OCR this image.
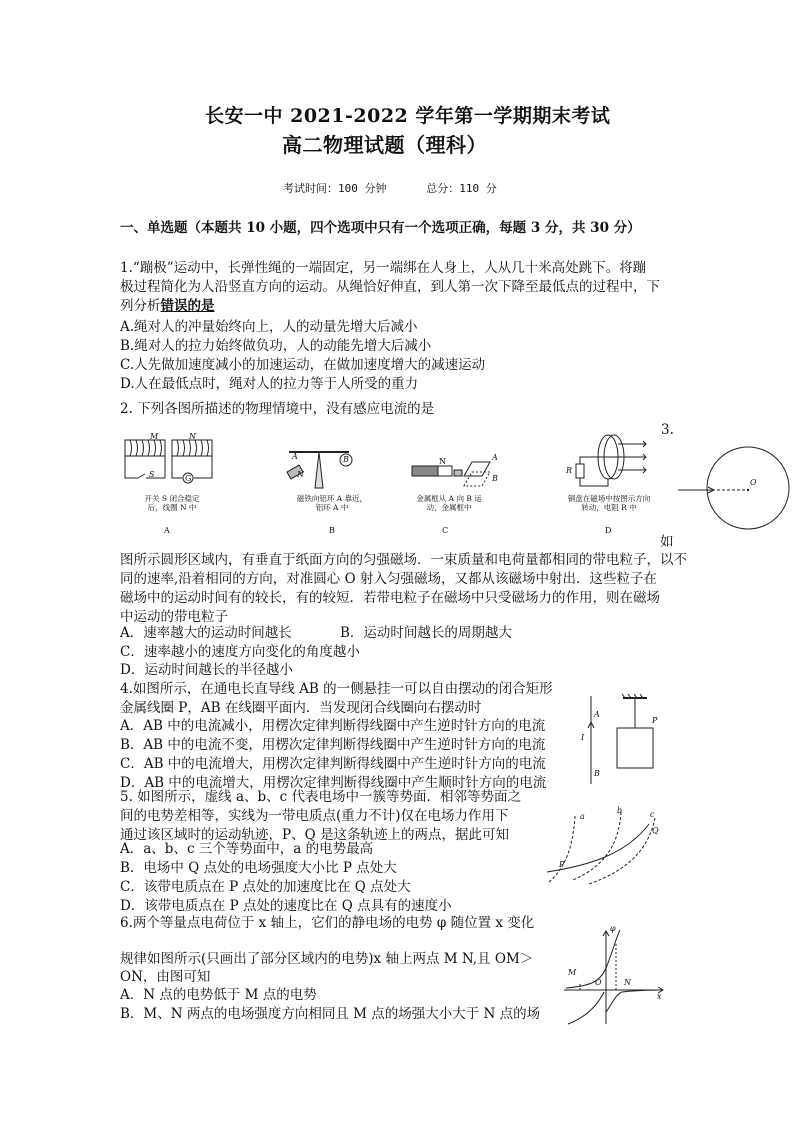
长安一中 2021-2022 学年第一学期期末考试
高二物理试题（理科）
考试时间：100 分钟      总分：110 分
一、单选题（本题共 10 小题，四个选项中只有一个选项正确，每题 3 分，共 30 分）
1.“蹦极”运动中，长弹性绳的一端固定，另一端绑在人身上，人从几十米高处跳下。将蹦
极过程简化为人沿竖直方向的运动。从绳恰好伸直，到人第一次下降至最低点的过程中，下
列分析错误的是
A.绳对人的冲量始终向上，人的动量先增大后减小
B.绳对人的拉力始终做负功，人的动能先增大后减小
C.人先做加速度减小的加速运动，在做加速度增大的减速运动
D.人在最低点时，绳对人的拉力等于人所受的重力
2. 下列各图所描述的物理情境中，没有感应电流的是
M	N
S	G
开关 S 闭合稳定后，线圈 N 中
A
A
N
B
磁铁向铝环 A 靠近，铝环 A 中
B
N	A
B
金属框从 A 向 B 运动，金属框中
C
R
铜盘在磁场中按图示方向转动，电阻 R 中
D
3.
O
如
图所示圆形区域内，有垂直于纸面方向的匀强磁场．一束质量和电荷量都相同的带电粒子，以不
同的速率,沿着相同的方向，对准圆心 O 射入匀强磁场，又都从该磁场中射出．这些粒子在
磁场中的运动时间有的较长，有的较短．若带电粒子在磁场中只受磁场力的作用，则在磁场
中运动的带电粒子
A．速率越大的运动时间越长	B．运动时间越长的周期越大
C．速率越小的速度方向变化的角度越小
D．运动时间越长的半径越小
4.如图所示，在通电长直导线 AB 的一侧悬挂一可以自由摆动的闭合矩形
金属线圈 P，AB 在线圈平面内．当发现闭合线圈向右摆动时
A．AB 中的电流减小，用楞次定律判断得线圈中产生逆时针方向的电流
B．AB 中的电流不变，用楞次定律判断得线圈中产生逆时针方向的电流
C．AB 中的电流增大，用楞次定律判断得线圈中产生逆时针方向的电流
D．AB 中的电流增大，用楞次定律判断得线圈中产生顺时针方向的电流
A
I
P
B
5. 如图所示，虚线 a、b、c 代表电场中一簇等势面．相邻等势面之
间的电势差相等，实线为一带电质点(重力不计)仅在电场力作用下
通过该区域时的运动轨迹，P、Q 是这条轨迹上的两点，据此可知
A．a、b、c 三个等势面中，a 的电势最高
B．电场中 Q 点处的电场强度大小比 P 点处大
C．该带电质点在 P 点处的加速度比在 Q 点处大
D．该带电质点在 P 点处的速度比在 Q 点具有的速度小
a
b	c
P
Q
6.两个等量点电荷位于 x 轴上，它们的静电场的电势 φ 随位置 x 变化
规律如图所示(只画出了部分区域内的电势)x 轴上两点 M N,且 OM＞
ON，由图可知
A．N 点的电势低于 M 点的电势
B．M、N 两点的电场强度方向相同且 M 点的场强大小大于 N 点的场
φ
x
O
M
N
